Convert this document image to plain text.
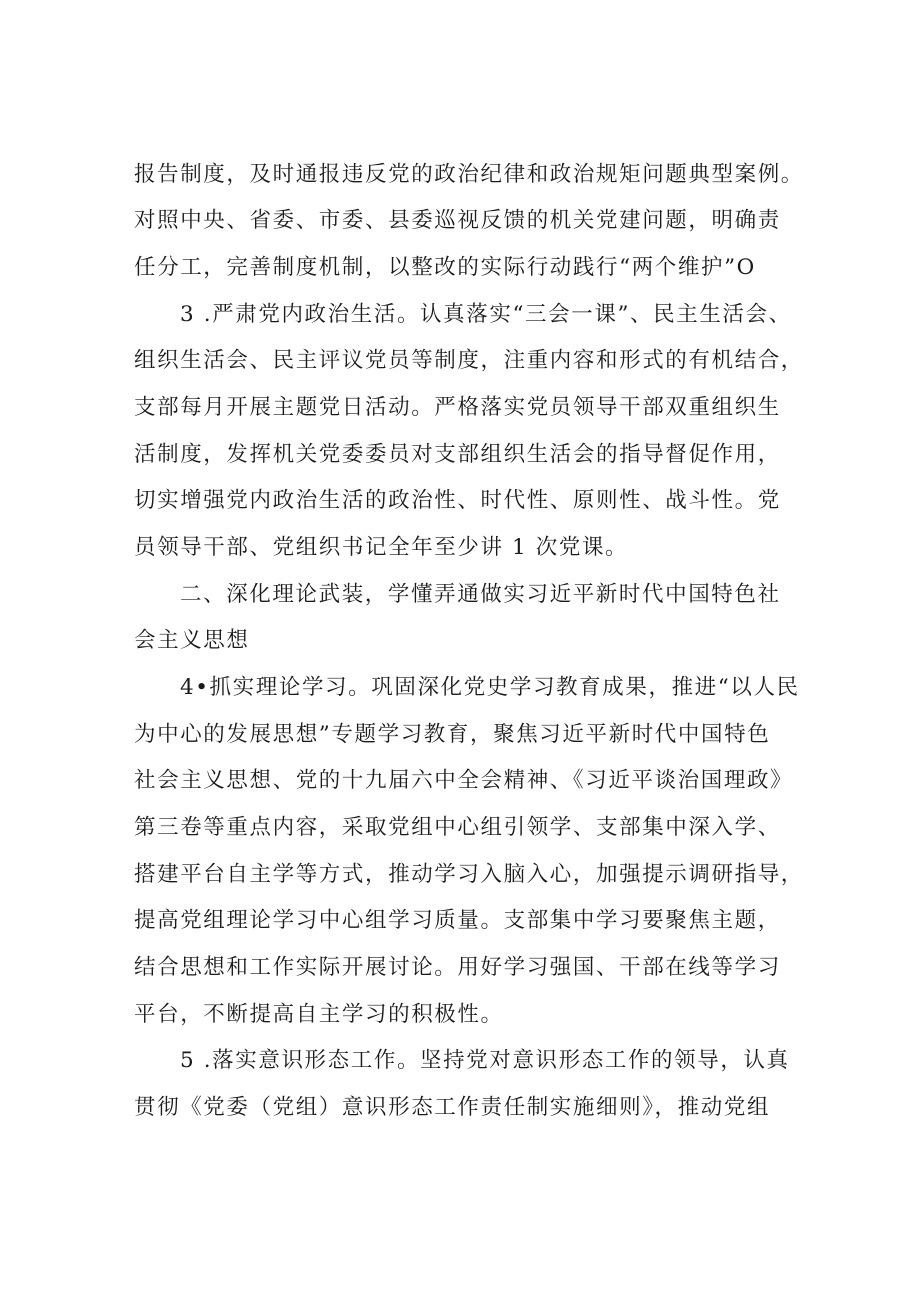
报告制度，及时通报违反党的政治纪律和政治规矩问题典型案例。
对照中央、省委、市委、县委巡视反馈的机关党建问题，明确责
任分工，完善制度机制，以整改的实际行动践行“两个维护”O
3 .严肃党内政治生活。认真落实“三会一课”、民主生活会、
组织生活会、民主评议党员等制度，注重内容和形式的有机结合，
支部每月开展主题党日活动。严格落实党员领导干部双重组织生
活制度，发挥机关党委委员对支部组织生活会的指导督促作用，
切实增强党内政治生活的政治性、时代性、原则性、战斗性。党
员领导干部、党组织书记全年至少讲 1 次党课。
二、深化理论武装，学懂弄通做实习近平新时代中国特色社
会主义思想
4•抓实理论学习。巩固深化党史学习教育成果，推进“以人民
为中心的发展思想”专题学习教育，聚焦习近平新时代中国特色
社会主义思想、党的十九届六中全会精神、《习近平谈治国理政》
第三卷等重点内容，采取党组中心组引领学、支部集中深入学、
搭建平台自主学等方式，推动学习入脑入心，加强提示调研指导，
提高党组理论学习中心组学习质量。支部集中学习要聚焦主题，
结合思想和工作实际开展讨论。用好学习强国、干部在线等学习
平台，不断提高自主学习的积极性。
5 .落实意识形态工作。坚持党对意识形态工作的领导，认真
贯彻《党委（党组）意识形态工作责任制实施细则》，推动党组
